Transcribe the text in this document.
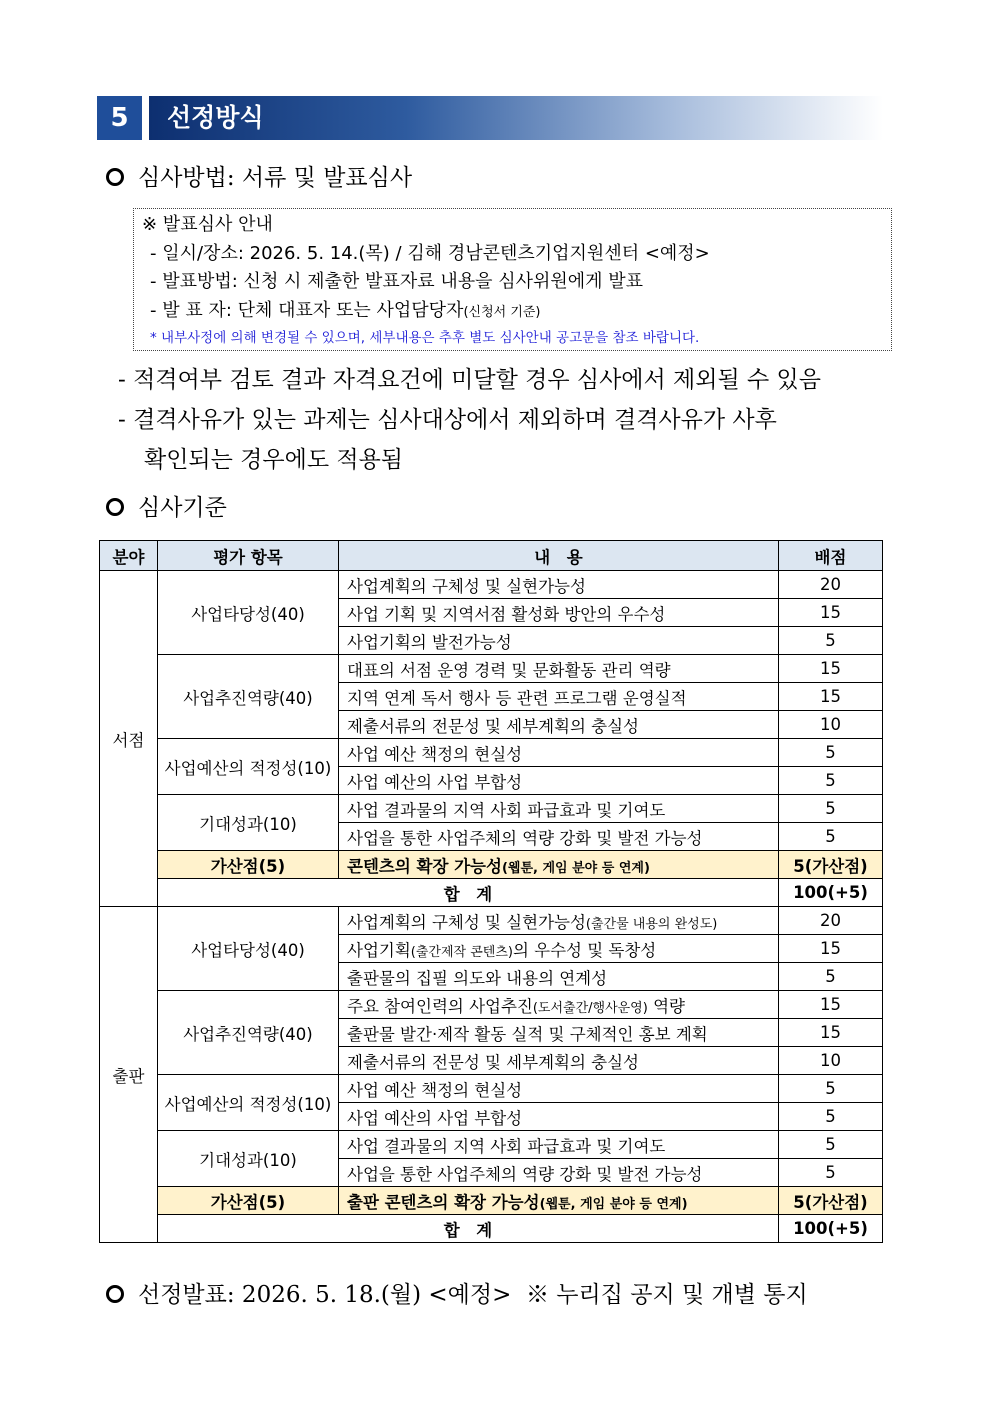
5	선정방식
심사방법: 서류 및 발표심사
※ 발표심사 안내
- 일시/장소: 2026. 5. 14.(목) / 김해 경남콘텐츠기업지원센터 <예정>
- 발표방법: 신청 시 제출한 발표자료 내용을 심사위원에게 발표
- 발 표 자: 단체 대표자 또는 사업담당자(신청서 기준)
* 내부사정에 의해 변경될 수 있으며, 세부내용은 추후 별도 심사안내 공고문을 참조 바랍니다.
- 적격여부 검토 결과 자격요건에 미달할 경우 심사에서 제외될 수 있음
- 결격사유가 있는 과제는 심사대상에서 제외하며 결격사유가 사후
확인되는 경우에도 적용됨
심사기준
분야	평가 항목	내　용	배점
서점	사업타당성(40)	사업계획의 구체성 및 실현가능성	20
		사업 기획 및 지역서점 활성화 방안의 우수성	15
		사업기획의 발전가능성	5
	사업추진역량(40)	대표의 서점 운영 경력 및 문화활동 관리 역량	15
		지역 연계 독서 행사 등 관련 프로그램 운영실적	15
		제출서류의 전문성 및 세부계획의 충실성	10
	사업예산의 적정성(10)	사업 예산 책정의 현실성	5
		사업 예산의 사업 부합성	5
	기대성과(10)	사업 결과물의 지역 사회 파급효과 및 기여도	5
		사업을 통한 사업주체의 역량 강화 및 발전 가능성	5
	가산점(5)	콘텐츠의 확장 가능성(웹툰, 게임 분야 등 연계)	5(가산점)
	합　계		100(+5)
출판	사업타당성(40)	사업계획의 구체성 및 실현가능성(출간물 내용의 완성도)	20
		사업기획(출간제작 콘텐츠)의 우수성 및 독창성	15
		출판물의 집필 의도와 내용의 연계성	5
	사업추진역량(40)	주요 참여인력의 사업추진(도서출간/행사운영) 역량	15
		출판물 발간·제작 활동 실적 및 구체적인 홍보 계획	15
		제출서류의 전문성 및 세부계획의 충실성	10
	사업예산의 적정성(10)	사업 예산 책정의 현실성	5
		사업 예산의 사업 부합성	5
	기대성과(10)	사업 결과물의 지역 사회 파급효과 및 기여도	5
		사업을 통한 사업주체의 역량 강화 및 발전 가능성	5
	가산점(5)	출판 콘텐츠의 확장 가능성(웹툰, 게임 분야 등 연계)	5(가산점)
	합　계		100(+5)
선정발표: 2026. 5. 18.(월) <예정> ※ 누리집 공지 및 개별 통지
